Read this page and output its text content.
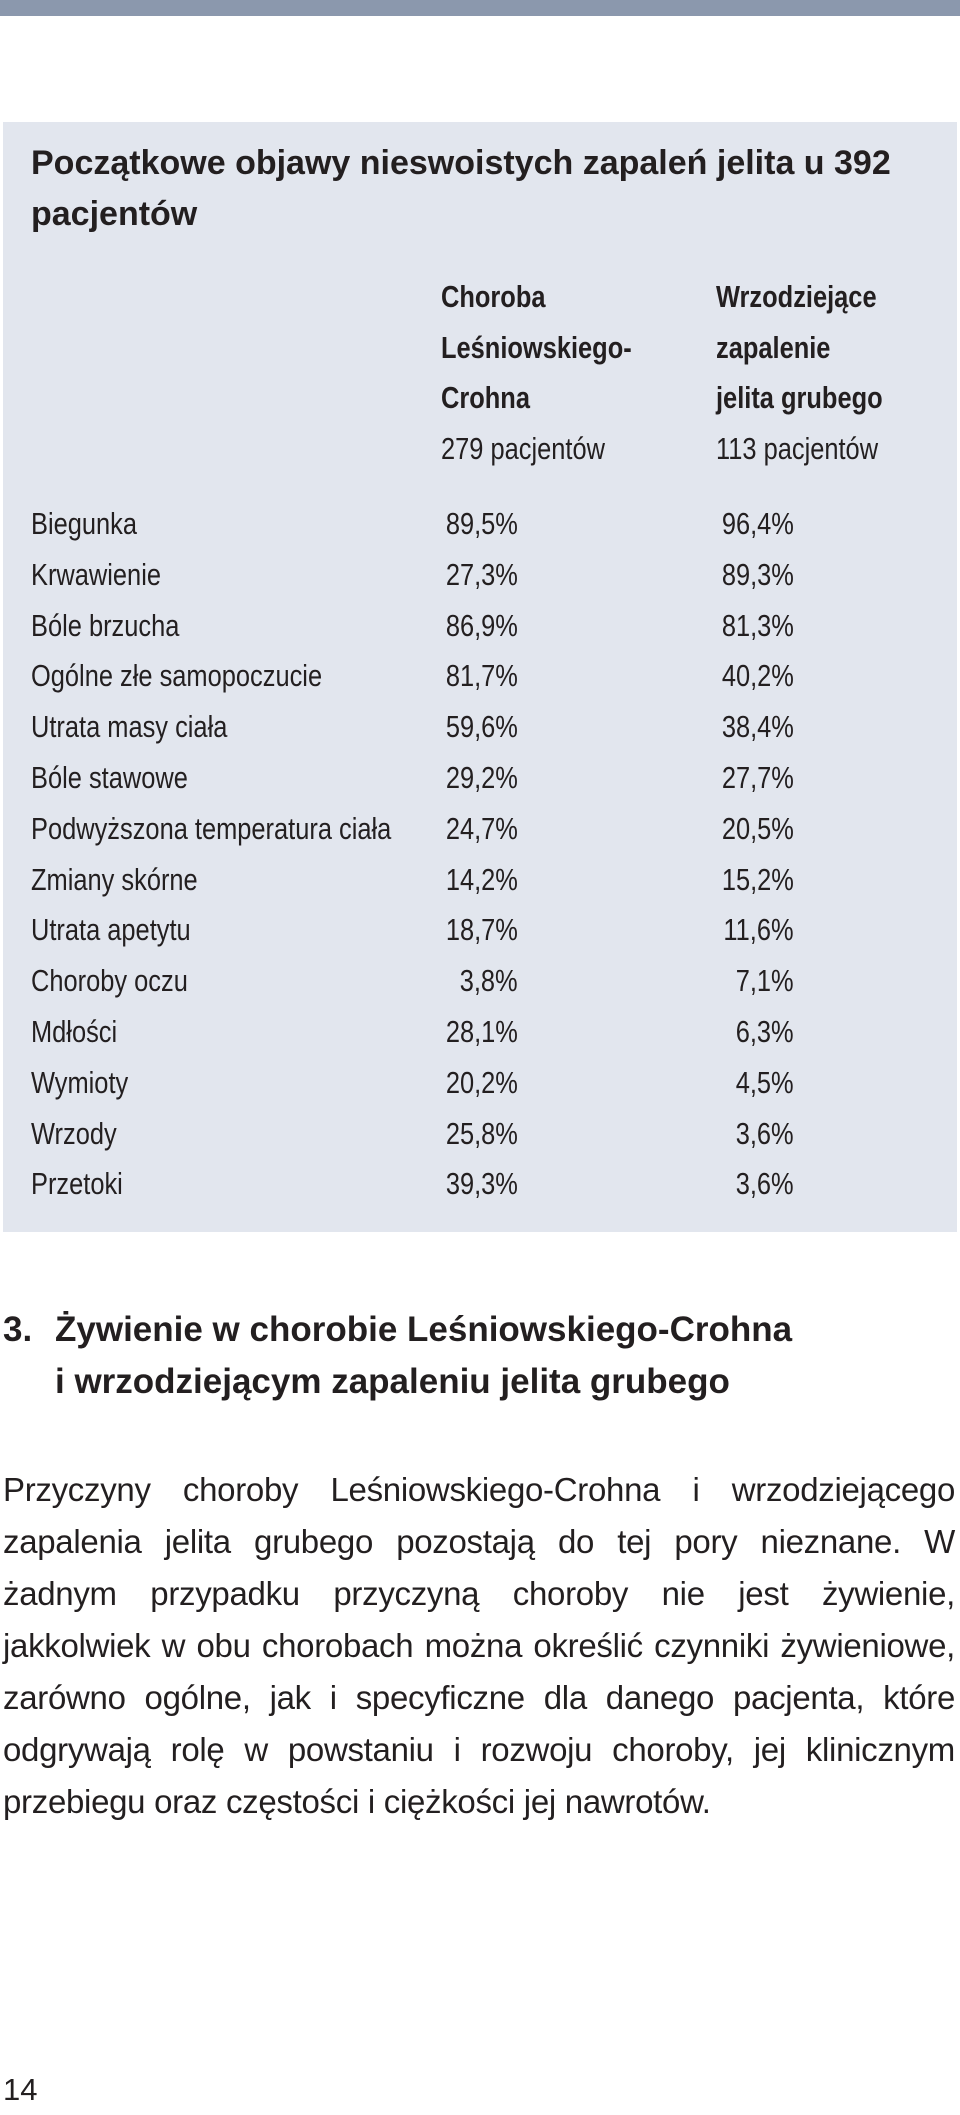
Początkowe objawy nieswoistych zapaleń jelita u 392 pacjentów
Choroba
Leśniowskiego-
Crohna
279 pacjentów
Wrzodziejące
zapalenie
jelita grubego
113 pacjentów
Biegunka	89,5%	96,4%
Krwawienie	27,3%	89,3%
Bóle brzucha	86,9%	81,3%
Ogólne złe samopoczucie	81,7%	40,2%
Utrata masy ciała	59,6%	38,4%
Bóle stawowe	29,2%	27,7%
Podwyższona temperatura ciała 24,7%	20,5%
Zmiany skórne	14,2%	15,2%
Utrata apetytu	18,7%	11,6%
Choroby oczu	3,8%	7,1%
Mdłości	28,1%	6,3%
Wymioty	20,2%	4,5%
Wrzody	25,8%	3,6%
Przetoki	39,3%	3,6%
3. Żywienie w chorobie Leśniowskiego-Crohna
i wrzodziejącym zapaleniu jelita grubego

Przyczyny choroby Leśniowskiego-Crohna i wrzodziejącego zapalenia jelita grubego pozostają do tej pory nieznane. W żadnym przypadku przyczyną choroby nie jest żywienie, jakkolwiek w obu chorobach można określić czynniki żywieniowe, zarówno ogólne, jak i specyficzne dla danego pacjenta, które odgrywają rolę w powstaniu i rozwoju choroby, jej klinicznym przebiegu oraz częstości i ciężkości jej nawrotów.

14
